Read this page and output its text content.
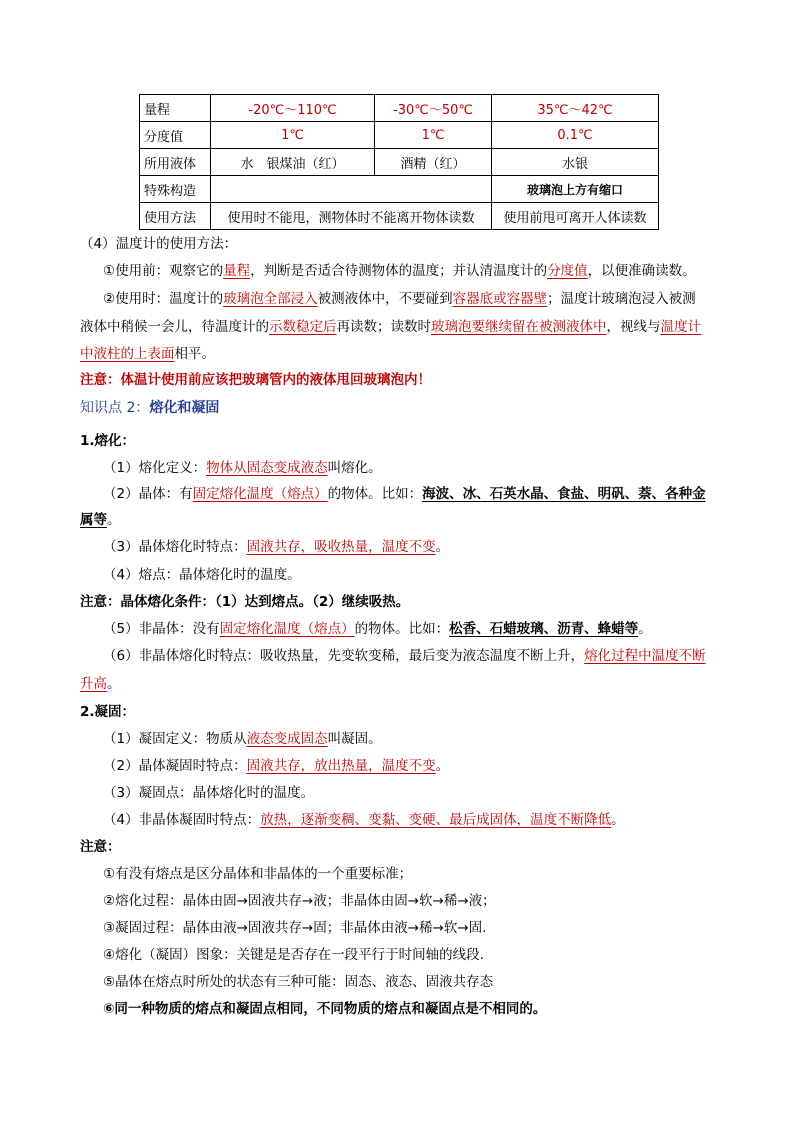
量程	-20℃～110℃	-30℃～50℃	35℃～42℃
分度值	1℃	1℃	0.1℃
所用液体	水　银煤油（红）	酒精（红）	水银
特殊构造			玻璃泡上方有缩口
使用方法	使用时不能甩，测物体时不能离开物体读数		使用前甩可离开人体读数
（4）温度计的使用方法：
①使用前：观察它的量程，判断是否适合待测物体的温度；并认清温度计的分度值，以便准确读数。
②使用时：温度计的玻璃泡全部浸入被测液体中，不要碰到容器底或容器壁；温度计玻璃泡浸入被测
液体中稍候一会儿，待温度计的示数稳定后再读数；读数时玻璃泡要继续留在被测液体中，视线与温度计
中液柱的上表面相平。
注意：体温计使用前应该把玻璃管内的液体甩回玻璃泡内！
知识点 2：熔化和凝固
1.熔化：
（1）熔化定义：物体从固态变成液态叫熔化。
（2）晶体：有固定熔化温度（熔点）的物体。比如：海波、冰、石英水晶、食盐、明矾、萘、各种金
属等。
（3）晶体熔化时特点：固液共存，吸收热量，温度不变。
（4）熔点：晶体熔化时的温度。
注意：晶体熔化条件：（1）达到熔点。（2）继续吸热。
（5）非晶体：没有固定熔化温度（熔点）的物体。比如：松香、石蜡玻璃、沥青、蜂蜡等。
（6）非晶体熔化时特点：吸收热量，先变软变稀，最后变为液态温度不断上升，熔化过程中温度不断
升高。
2.凝固：
（1）凝固定义：物质从液态变成固态叫凝固。
（2）晶体凝固时特点：固液共存，放出热量，温度不变。
（3）凝固点：晶体熔化时的温度。
（4）非晶体凝固时特点：放热，逐渐变稠、变黏、变硬、最后成固体，温度不断降低。
注意：
①有没有熔点是区分晶体和非晶体的一个重要标准；
②熔化过程：晶体由固→固液共存→液；非晶体由固→软→稀→液；
③凝固过程：晶体由液→固液共存→固；非晶体由液→稀→软→固.
④熔化（凝固）图象：关键是是否存在一段平行于时间轴的线段.
⑤晶体在熔点时所处的状态有三种可能：固态、液态、固液共存态
⑥同一种物质的熔点和凝固点相同，不同物质的熔点和凝固点是不相同的。
